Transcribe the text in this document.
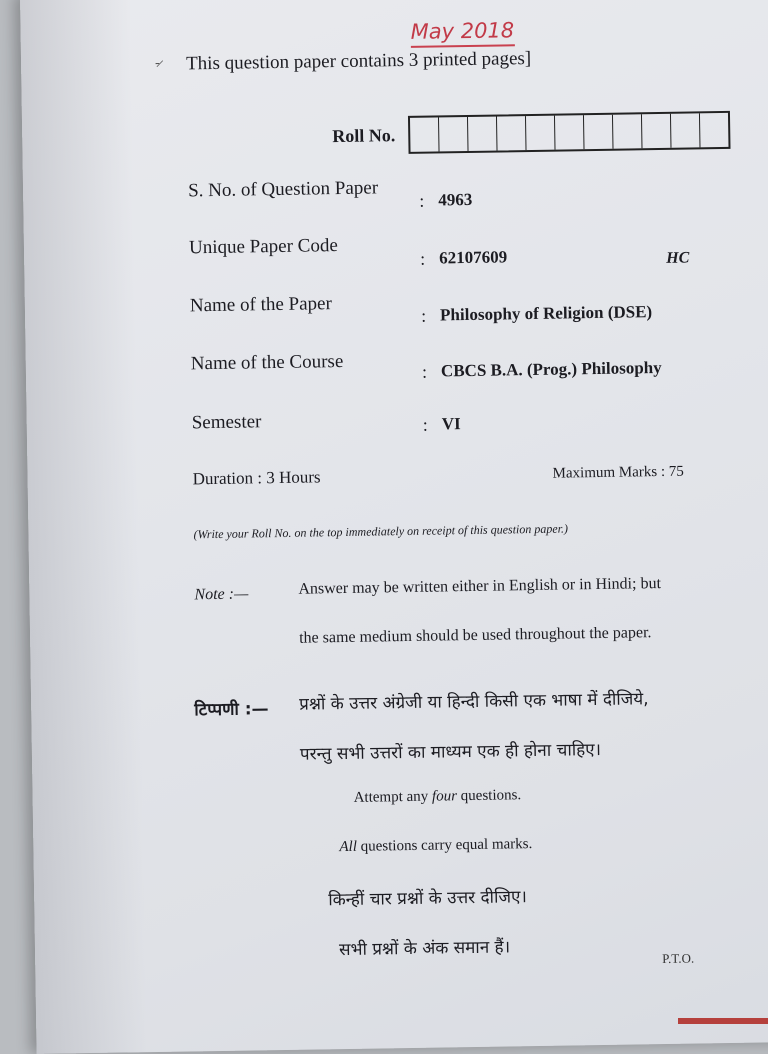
-̷
May 2018
This question paper contains 3 printed pages]
Roll No.
S. No. of Question Paper : 4963
Unique Paper Code
: 62107609	HC
Name of the Paper	: Philosophy of Religion (DSE)
Name of the Course	: CBCS B.A. (Prog.) Philosophy
Semester	: VI
Duration : 3 Hours	Maximum Marks : 75
(Write your Roll No. on the top immediately on receipt of this question paper.)
Note :—	Answer may be written either in English or in Hindi; but
the same medium should be used throughout the paper.
टिप्पणी :— प्रश्नों के उत्तर अंग्रेजी या हिन्दी किसी एक भाषा में दीजिये,
परन्तु सभी उत्तरों का माध्यम एक ही होना चाहिए।
Attempt any four questions.
All questions carry equal marks.
किन्हीं चार प्रश्नों के उत्तर दीजिए।
सभी प्रश्नों के अंक समान हैं।	P.T.O.
